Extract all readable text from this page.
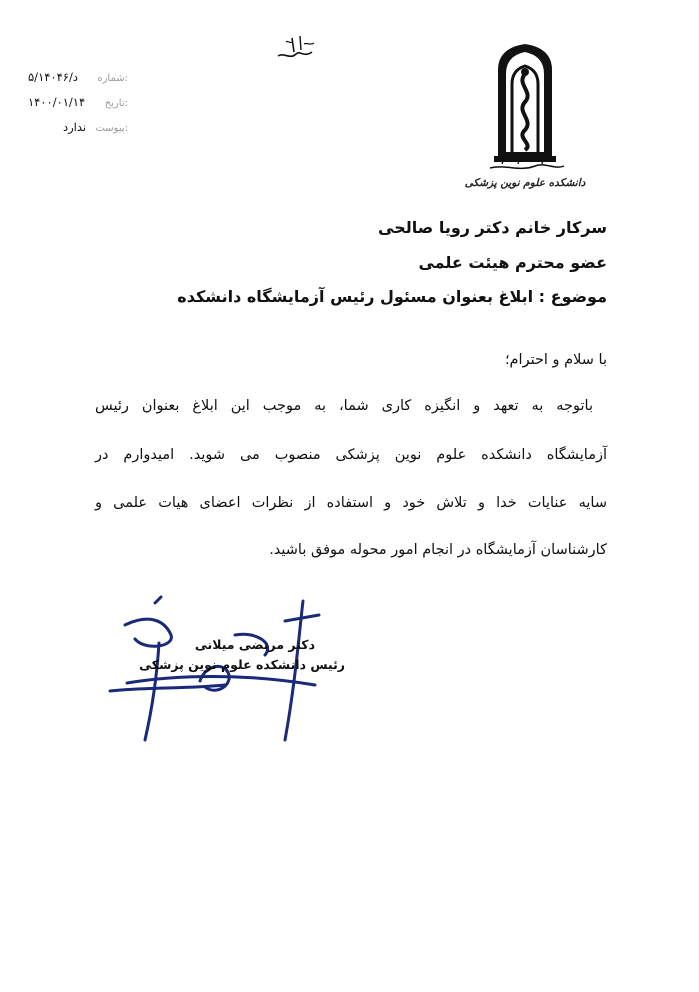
۵/د/۱۴۰۴۶ شماره:
۱۴۰۰/۰۱/۱۴ تاریخ:
ندارد پیوست:
دانشکده علوم نوین پزشکی
سرکار خانم دکتر رویا صالحی
عضو محترم هیئت علمی
موضوع : ابلاغ بعنوان مسئول رئیس آزمایشگاه دانشکده
با سلام و احترام؛
باتوجه به تعهد و انگیزه کاری شما، به موجب این ابلاغ بعنوان رئیس
آزمایشگاه دانشکده علوم نوین پزشکی منصوب می شوید. امیدوارم در
سایه عنایات خدا و تلاش خود و استفاده از نظرات اعضای هیات علمی و
کارشناسان آزمایشگاه در انجام امور محوله موفق باشید.
دکتر مرتضی میلانی
رئیس دانشکده علوم نوین پزشکی
